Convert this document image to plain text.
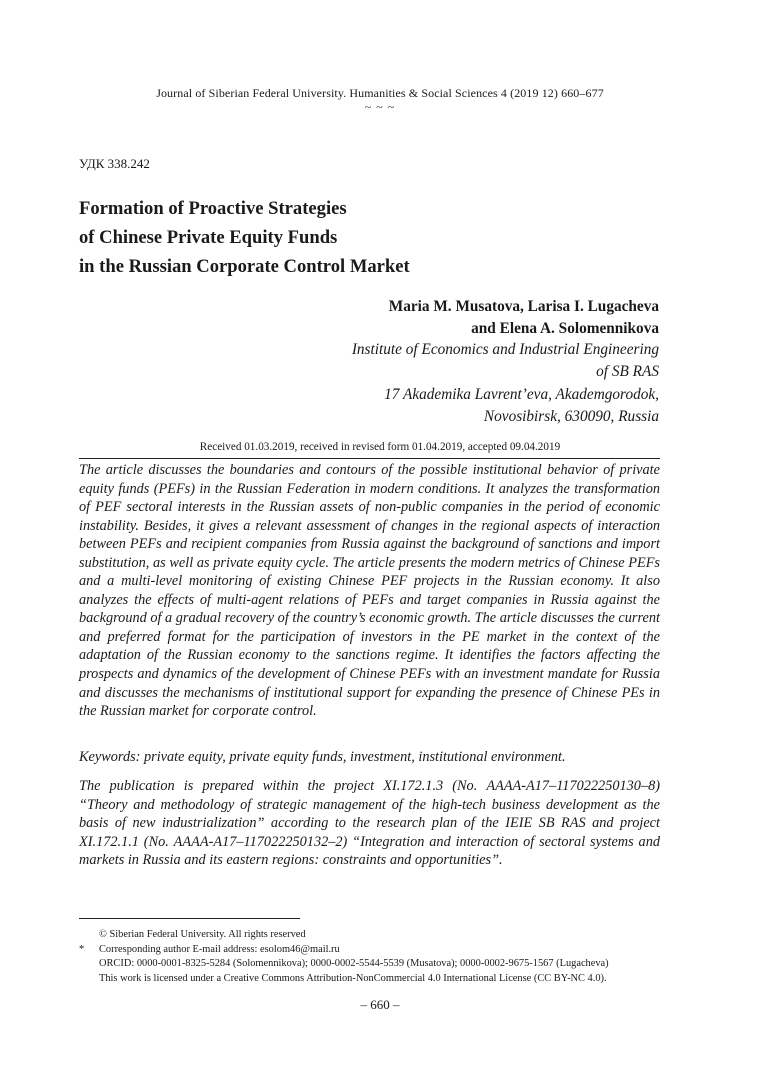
Journal of Siberian Federal University. Humanities & Social Sciences 4 (2019 12) 660–677
~ ~ ~
УДК 338.242
Formation of Proactive Strategies
of Chinese Private Equity Funds
in the Russian Corporate Control Market
Maria M. Musatova, Larisa I. Lugacheva
and Elena A. Solomennikova
Institute of Economics and Industrial Engineering
of SB RAS
17 Akademika Lavrent’eva, Akademgorodok,
Novosibirsk, 630090, Russia
Received 01.03.2019, received in revised form 01.04.2019, accepted 09.04.2019

The article discusses the boundaries and contours of the possible institutional behavior of private equity funds (PEFs) in the Russian Federation in modern conditions. It analyzes the transformation of PEF sectoral interests in the Russian assets of non-public companies in the period of economic instability. Besides, it gives a relevant assessment of changes in the regional aspects of interaction between PEFs and recipient companies from Russia against the background of sanctions and import substitution, as well as private equity cycle. The article presents the modern metrics of Chinese PEFs and a multi-level monitoring of existing Chinese PEF projects in the Russian economy. It also analyzes the effects of multi-agent relations of PEFs and target companies in Russia against the background of a gradual recovery of the country’s economic growth. The article discusses the current and preferred format for the participation of investors in the PE market in the context of the adaptation of the Russian economy to the sanctions regime. It identifies the factors affecting the prospects and dynamics of the development of Chinese PEFs with an investment mandate for Russia and discusses the mechanisms of institutional support for expanding the presence of Chinese PEs in the Russian market for corporate control.

Keywords: private equity, private equity funds, investment, institutional environment.

The publication is prepared within the project XI.172.1.3 (No. АААА-А17–117022250130–8) “Theory and methodology of strategic management of the high-tech business development as the basis of new industrialization” according to the research plan of the IEIE SB RAS and project XI.172.1.1 (No. АААА-А17–117022250132–2) “Integration and interaction of sectoral systems and markets in Russia and its eastern regions: constraints and opportunities”.

© Siberian Federal University. All rights reserved
* Corresponding author E-mail address: esolom46@mail.ru
ORCID: 0000-0001-8325-5284 (Solomennikova); 0000-0002-5544-5539 (Musatova); 0000-0002-9675-1567 (Lugacheva)
This work is licensed under a Creative Commons Attribution-NonCommercial 4.0 International License (CC BY-NC 4.0).
– 660 –
